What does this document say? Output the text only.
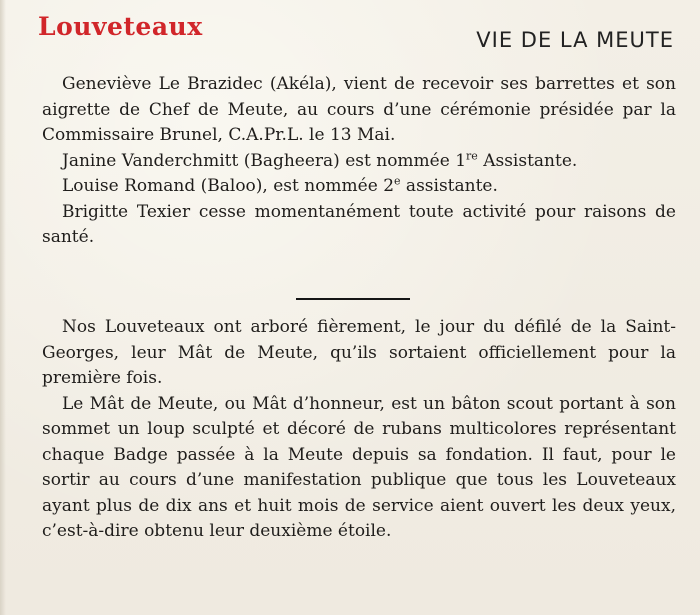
Louveteaux	VIE DE LA MEUTE

Geneviève Le Brazidec (Akéla), vient de recevoir ses barrettes et son aigrette de Chef de Meute, au cours d’une cérémonie présidée par la Commissaire Brunel, C.A.Pr.L. le 13 Mai.

Janine Vanderchmitt (Bagheera) est nommée 1re Assistante.

Louise Romand (Baloo), est nommée 2e assistante.

Brigitte Texier cesse momentanément toute activité pour raisons de santé.

Nos Louveteaux ont arboré fièrement, le jour du défilé de la Saint-Georges, leur Mât de Meute, qu’ils sortaient officiellement pour la première fois.

Le Mât de Meute, ou Mât d’honneur, est un bâton scout portant à son sommet un loup sculpté et décoré de rubans multicolores représentant chaque Badge passée à la Meute depuis sa fondation. Il faut, pour le sortir au cours d’une manifestation publique que tous les Louveteaux ayant plus de dix ans et huit mois de service aient ouvert les deux yeux, c’est-à-dire obtenu leur deuxième étoile.
